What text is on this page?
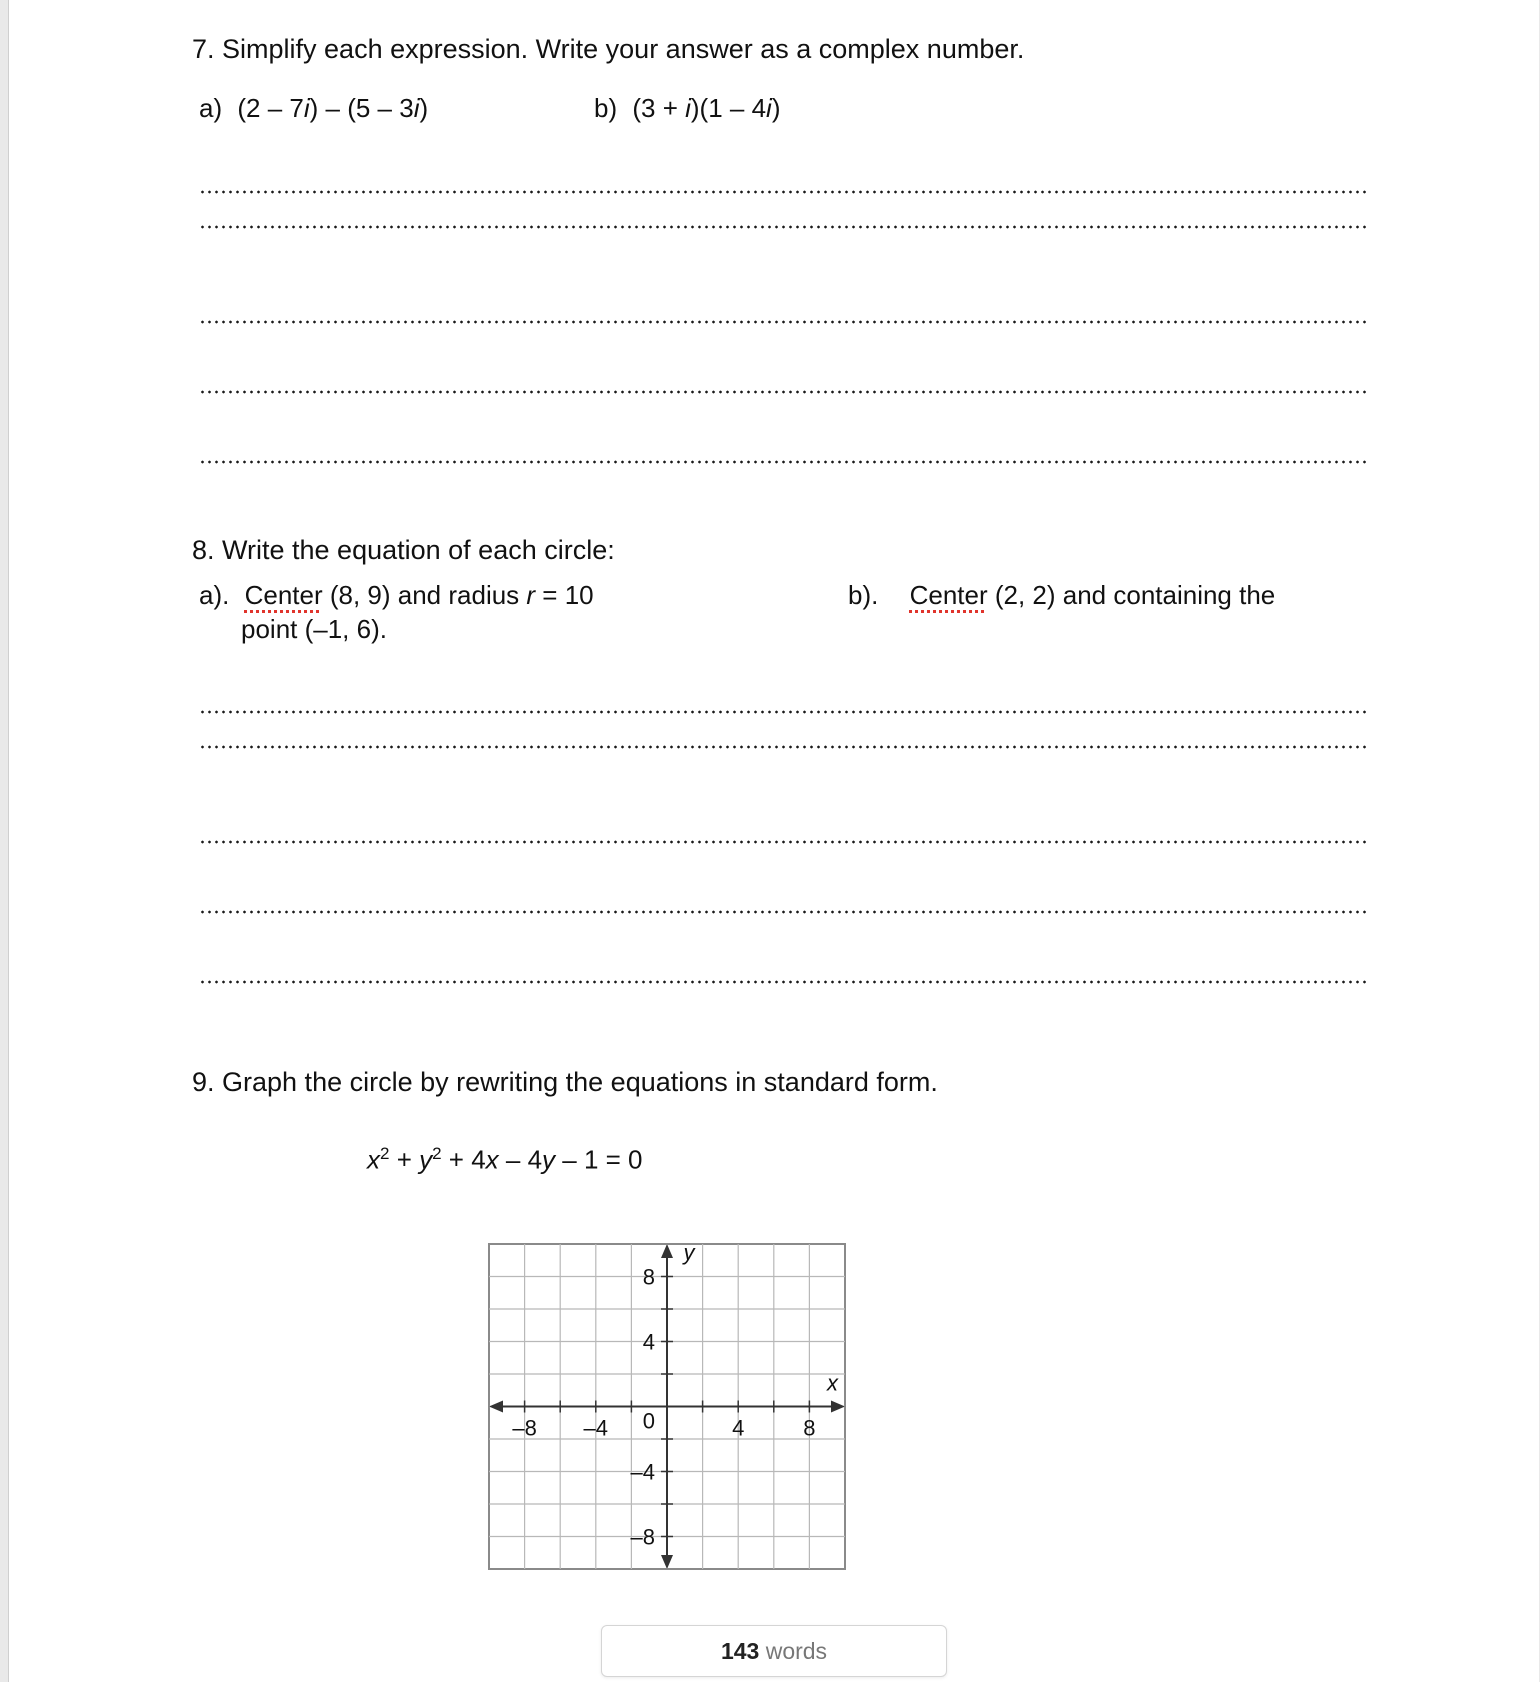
7. Simplify each expression. Write your answer as a complex number.
a) (2 – 7i) – (5 – 3i)	b) (3 + i)(1 – 4i)
8. Write the equation of each circle:
a). Center (8, 9) and radius r = 10
point (–1, 6).
b). Center (2, 2) and containing the
9. Graph the circle by rewriting the equations in standard form.
$x^2 + y^2 + 4x - 4y - 1 = 0$
–8 –4	4	8
8
4
–4
–8
0
x
y
143 words
